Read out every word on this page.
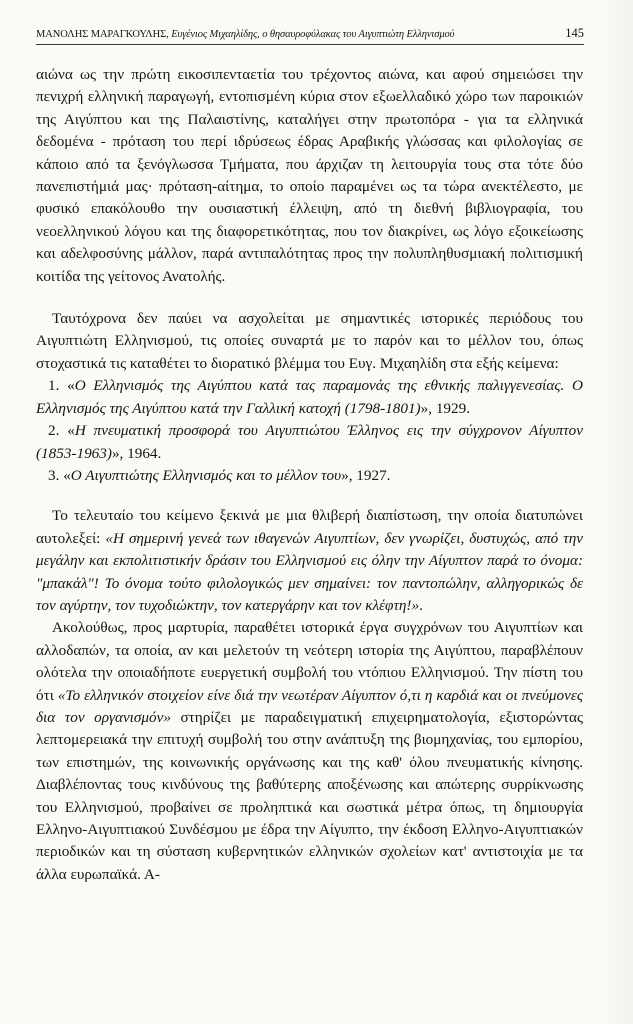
ΜΑΝΟΛΗΣ ΜΑΡΑΓΚΟΥΛΗΣ, Ευγένιος Μιχαηλίδης, ο θησαυροφύλακας του Αιγυπτιώτη Ελληνισμού	145

αιώνα ως την πρώτη εικοσιπενταετία του τρέχοντος αιώνα, και αφού σημειώσει την πενιχρή ελληνική παραγωγή, εντοπισμένη κύρια στον εξωελλαδικό χώρο των παροικιών της Αιγύπτου και της Παλαιστίνης, καταλήγει στην πρωτοπόρα - για τα ελληνικά δεδομένα - πρόταση του περί ιδρύσεως έδρας Αραβικής γλώσσας και φιλολογίας σε κάποιο από τα ξενόγλωσσα Τμήματα, που άρχιζαν τη λειτουργία τους στα τότε δύο πανεπιστήμιά μας· πρόταση-αίτημα, το οποίο παραμένει ως τα τώρα ανεκτέλεστο, με φυσικό επακόλουθο την ουσιαστική έλλειψη, από τη διεθνή βιβλιογραφία, του νεοελληνικού λόγου και της διαφορετικότητας, που τον διακρίνει, ως λόγο εξοικείωσης και αδελφοσύνης μάλλον, παρά αντιπαλότητας προς την πολυπληθυσμιακή πολιτισμική κοιτίδα της γείτονος Ανατολής.

Ταυτόχρονα δεν παύει να ασχολείται με σημαντικές ιστορικές περιόδους του Αιγυπτιώτη Ελληνισμού, τις οποίες συναρτά με το παρόν και το μέλλον του, όπως στοχαστικά τις καταθέτει το διορατικό βλέμμα του Ευγ. Μιχαηλίδη στα εξής κείμενα:

1. «Ο Ελληνισμός της Αιγύπτου κατά τας παραμονάς της εθνικής παλιγγενεσίας. Ο Ελληνισμός της Αιγύπτου κατά την Γαλλική κατοχή (1798-1801)», 1929.

2. «Η πνευματική προσφορά του Αιγυπτιώτου Έλληνος εις την σύγχρονον Αίγυπτον (1853-1963)», 1964.

3. «Ο Αιγυπτιώτης Ελληνισμός και το μέλλον του», 1927.

Το τελευταίο του κείμενο ξεκινά με μια θλιβερή διαπίστωση, την οποία διατυπώνει αυτολεξεί: «Η σημερινή γενεά των ιθαγενών Αιγυπτίων, δεν γνωρίζει, δυστυχώς, από την μεγάλην και εκπολιτιστικήν δράσιν του Ελληνισμού εις όλην την Αίγυπτον παρά το όνομα: "μπακάλ"! Το όνομα τούτο φιλολογικώς μεν σημαίνει: τον παντοπώλην, αλληγορικώς δε τον αγύρτην, τον τυχοδιώκτην, τον κατεργάρην και τον κλέφτη!».

Ακολούθως, προς μαρτυρία, παραθέτει ιστορικά έργα συγχρόνων του Αιγυπτίων και αλλοδαπών, τα οποία, αν και μελετούν τη νεότερη ιστορία της Αιγύπτου, παραβλέπουν ολότελα την οποιαδήποτε ευεργετική συμβολή του ντόπιου Ελληνισμού. Την πίστη του ότι «Το ελληνικόν στοιχείον είνε διά την νεωτέραν Αίγυπτον ό,τι η καρδιά και οι πνεύμονες δια τον οργανισμόν» στηρίζει με παραδειγματική επιχειρηματολογία, εξιστορώντας λεπτομερειακά την επιτυχή συμβολή του στην ανάπτυξη της βιομηχανίας, του εμπορίου, των επιστημών, της κοινωνικής οργάνωσης και της καθ' όλου πνευματικής κίνησης. Διαβλέποντας τους κινδύνους της βαθύτερης αποξένωσης και απώτερης συρρίκνωσης του Ελληνισμού, προβαίνει σε προληπτικά και σωστικά μέτρα όπως, τη δημιουργία Ελληνο-Αιγυπτιακού Συνδέσμου με έδρα την Αίγυπτο, την έκδοση Ελληνο-Αιγυπτιακών περιοδικών και τη σύσταση κυβερνητικών ελληνικών σχολείων κατ' αντιστοιχία με τα άλλα ευρωπαϊκά. Α-
